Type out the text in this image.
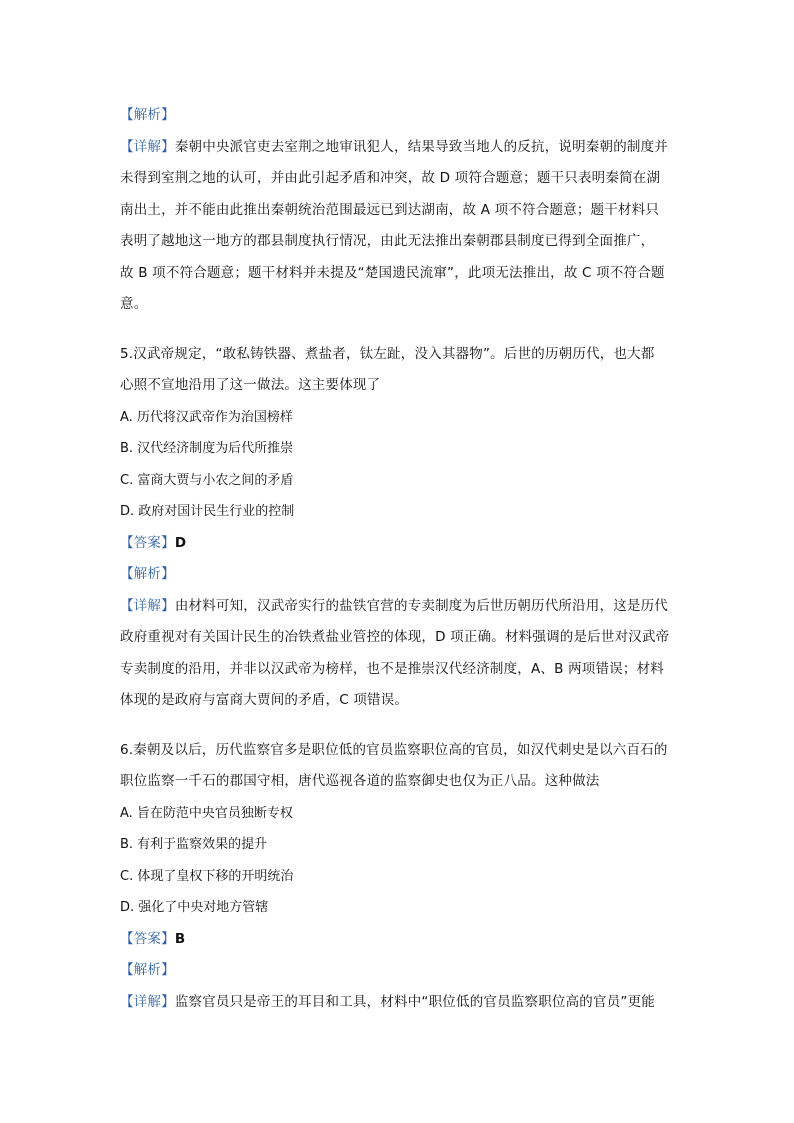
【解析】
【详解】秦朝中央派官吏去室荆之地审讯犯人，结果导致当地人的反抗，说明秦朝的制度并
未得到室荆之地的认可，并由此引起矛盾和冲突，故 D 项符合题意；题干只表明秦简在湖
南出土，并不能由此推出秦朝统治范围最远已到达湖南，故 A 项不符合题意；题干材料只
表明了越地这一地方的郡县制度执行情况，由此无法推出秦朝郡县制度已得到全面推广，
故 B 项不符合题意；题干材料并未提及“楚国遗民流窜”，此项无法推出，故 C 项不符合题
意。
5.汉武帝规定，“敢私铸铁器、煮盐者，钛左趾，没入其器物”。后世的历朝历代，也大都
心照不宣地沿用了这一做法。这主要体现了
A. 历代将汉武帝作为治国榜样
B. 汉代经济制度为后代所推崇
C. 富商大贾与小农之间的矛盾
D. 政府对国计民生行业的控制
【答案】D
【解析】
【详解】由材料可知，汉武帝实行的盐铁官营的专卖制度为后世历朝历代所沿用，这是历代
政府重视对有关国计民生的冶铁煮盐业管控的体现，D 项正确。材料强调的是后世对汉武帝
专卖制度的沿用，并非以汉武帝为榜样，也不是推崇汉代经济制度，A、B 两项错误；材料
体现的是政府与富商大贾间的矛盾，C 项错误。
6.秦朝及以后，历代监察官多是职位低的官员监察职位高的官员，如汉代刺史是以六百石的
职位监察一千石的郡国守相，唐代巡视各道的监察御史也仅为正八品。这种做法
A. 旨在防范中央官员独断专权
B. 有利于监察效果的提升
C. 体现了皇权下移的开明统治
D. 强化了中央对地方管辖
【答案】B
【解析】
【详解】监察官员只是帝王的耳目和工具，材料中“职位低的官员监察职位高的官员”更能
